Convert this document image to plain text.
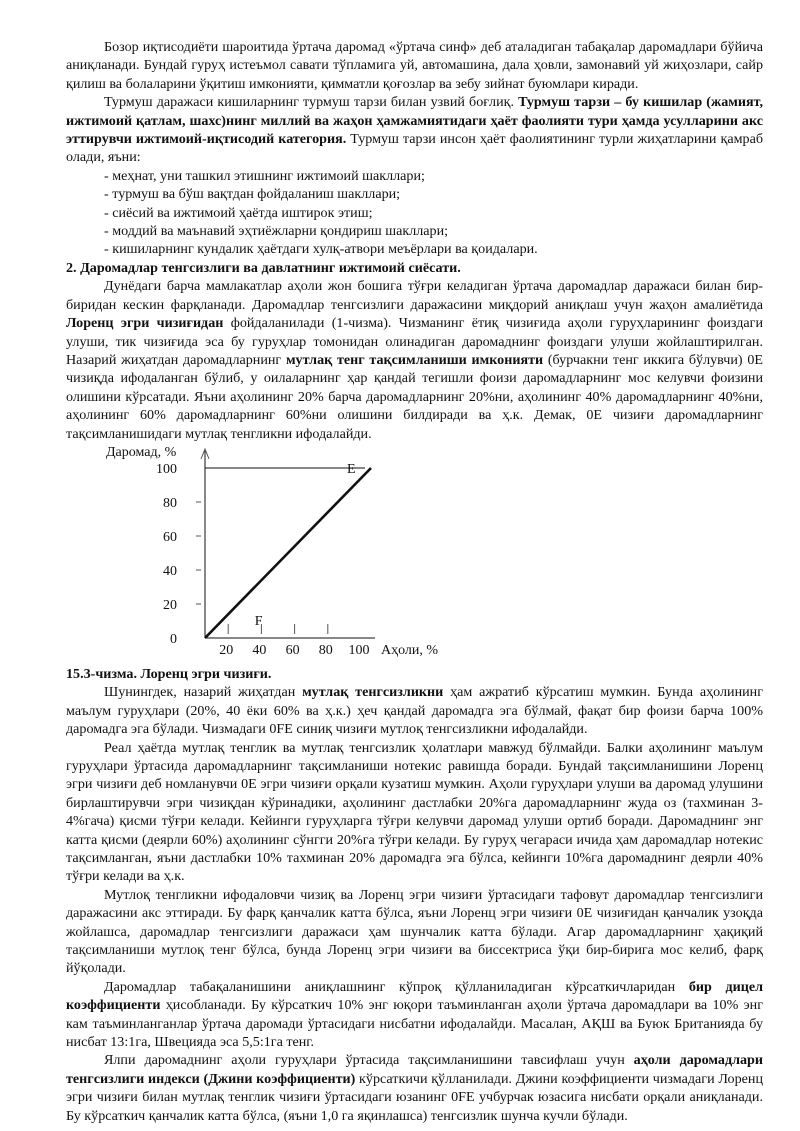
Бозор иқтисодиёти шароитида ўртача даромад «ўртача синф» деб аталадиган табақалар даромадлари бўйича аниқланади. Бундай гуруҳ истеъмол савати тўпламига уй, автомашина, дала ҳовли, замонавий уй жиҳозлари, сайр қилиш ва болаларини ўқитиш имконияти, қимматли қоғозлар ва зебу зийнат буюмлари киради.

Турмуш даражаси кишиларнинг турмуш тарзи билан узвий боғлиқ. Турмуш тарзи – бу кишилар (жамият, ижтимоий қатлам, шахс)нинг миллий ва жаҳон ҳамжамиятидаги ҳаёт фаолияти тури ҳамда усулларини акс эттирувчи ижтимоий-иқтисодий категория. Турмуш тарзи инсон ҳаёт фаолиятининг турли жиҳатларини қамраб олади, яъни:

- меҳнат, уни ташкил этишнинг ижтимоий шакллари;
- турмуш ва бўш вақтдан фойдаланиш шакллари;
- сиёсий ва ижтимоий ҳаётда иштирок этиш;
- моддий ва маънавий эҳтиёжларни қондириш шакллари;
- кишиларнинг кундалик ҳаётдаги хулқ-атвори меъёрлари ва қоидалари.
2. Даромадлар тенгсизлиги ва давлатнинг ижтимоий сиёсати.

Дунёдаги барча мамлакатлар аҳоли жон бошига тўғри келадиган ўртача даромадлар даражаси билан бир-биридан кескин фарқланади. Даромадлар тенгсизлиги даражасини миқдорий аниқлаш учун жаҳон амалиётида Лоренц эгри чизиғидан фойдаланилади (1-чизма). Чизманинг ётиқ чизиғида аҳоли гуруҳларининг фоиздаги улуши, тик чизиғида эса бу гуруҳлар томонидан олинадиган даромаднинг фоиздаги улуши жойлаштирилган. Назарий жиҳатдан даромадларнинг мутлақ тенг тақсимланиши имконияти (бурчакни тенг иккига бўлувчи) 0Е чизиқда ифодаланган бўлиб, у оилаларнинг ҳар қандай тегишли фоизи даромадларнинг мос келувчи фоизини олишини кўрсатади. Яъни аҳолининг 20% барча даромадларнинг 20%ни, аҳолининг 40% даромадларнинг 40%ни, аҳолининг 60% даромадларнинг 60%ни олишини билдиради ва ҳ.к. Демак, 0Е чизиғи даромадларнинг тақсимланишидаги мутлақ тенгликни ифодалайди.

Даромад, %
100
80
60
40
20
0
20 40 60 80 100
E
F
Аҳоли, %

15.3-чизма. Лоренц эгри чизиғи.

Шунингдек, назарий жиҳатдан мутлақ тенгсизликни ҳам ажратиб кўрсатиш мумкин. Бунда аҳолининг маълум гуруҳлари (20%, 40 ёки 60% ва ҳ.к.) ҳеч қандай даромадга эга бўлмай, фақат бир фоизи барча 100% даромадга эга бўлади. Чизмадаги 0FE синиқ чизиғи мутлоқ тенгсизликни ифодалайди.

Реал ҳаётда мутлақ тенглик ва мутлақ тенгсизлик ҳолатлари мавжуд бўлмайди. Балки аҳолининг маълум гуруҳлари ўртасида даромадларнинг тақсимланиши нотекис равишда боради. Бундай тақсимланишини Лоренц эгри чизиғи деб номланувчи 0Е эгри чизиғи орқали кузатиш мумкин. Аҳоли гуруҳлари улуши ва даромад улушини бирлаштирувчи эгри чизиқдан кўринадики, аҳолининг дастлабки 20%га даромадларнинг жуда оз (тахминан 3-4%гача) қисми тўғри келади. Кейинги гуруҳларга тўғри келувчи даромад улуши ортиб боради. Даромаднинг энг катта қисми (деярли 60%) аҳолининг сўнгги 20%га тўғри келади. Бу гуруҳ чегараси ичида ҳам даромадлар нотекис тақсимланган, яъни дастлабки 10% тахминан 20% даромадга эга бўлса, кейинги 10%га даромаднинг деярли 40% тўғри келади ва ҳ.к.

Мутлоқ тенгликни ифодаловчи чизиқ ва Лоренц эгри чизиғи ўртасидаги тафовут даромадлар тенгсизлиги даражасини акс эттиради. Бу фарқ қанчалик катта бўлса, яъни Лоренц эгри чизиғи 0Е чизиғидан қанчалик узоқда жойлашса, даромадлар тенгсизлиги даражаси ҳам шунчалик катта бўлади. Агар даромадларнинг ҳақиқий тақсимланиши мутлоқ тенг бўлса, бунда Лоренц эгри чизиғи ва биссектриса ўқи бир-бирига мос келиб, фарқ йўқолади.

Даромадлар табақаланишини аниқлашнинг кўпроқ қўлланиладиган кўрсаткичларидан бир дицел коэффициенти ҳисобланади. Бу кўрсаткич 10% энг юқори таъминланган аҳоли ўртача даромадлари ва 10% энг кам таъминланганлар ўртача даромади ўртасидаги нисбатни ифодалайди. Масалан, АҚШ ва Буюк Британияда бу нисбат 13:1га, Швецияда эса 5,5:1га тенг.

Ялпи даромаднинг аҳоли гуруҳлари ўртасида тақсимланишини тавсифлаш учун аҳоли даромадлари тенгсизлиги индекси (Джини коэффициенти) кўрсаткичи қўлланилади. Джини коэффициенти чизмадаги Лоренц эгри чизиғи билан мутлақ тенглик чизиғи ўртасидаги юзанинг 0FE учбурчак юзасига нисбати орқали аниқланади. Бу кўрсаткич қанчалик катта бўлса, (яъни 1,0 га яқинлашса) тенгсизлик шунча кучли бўлади.
